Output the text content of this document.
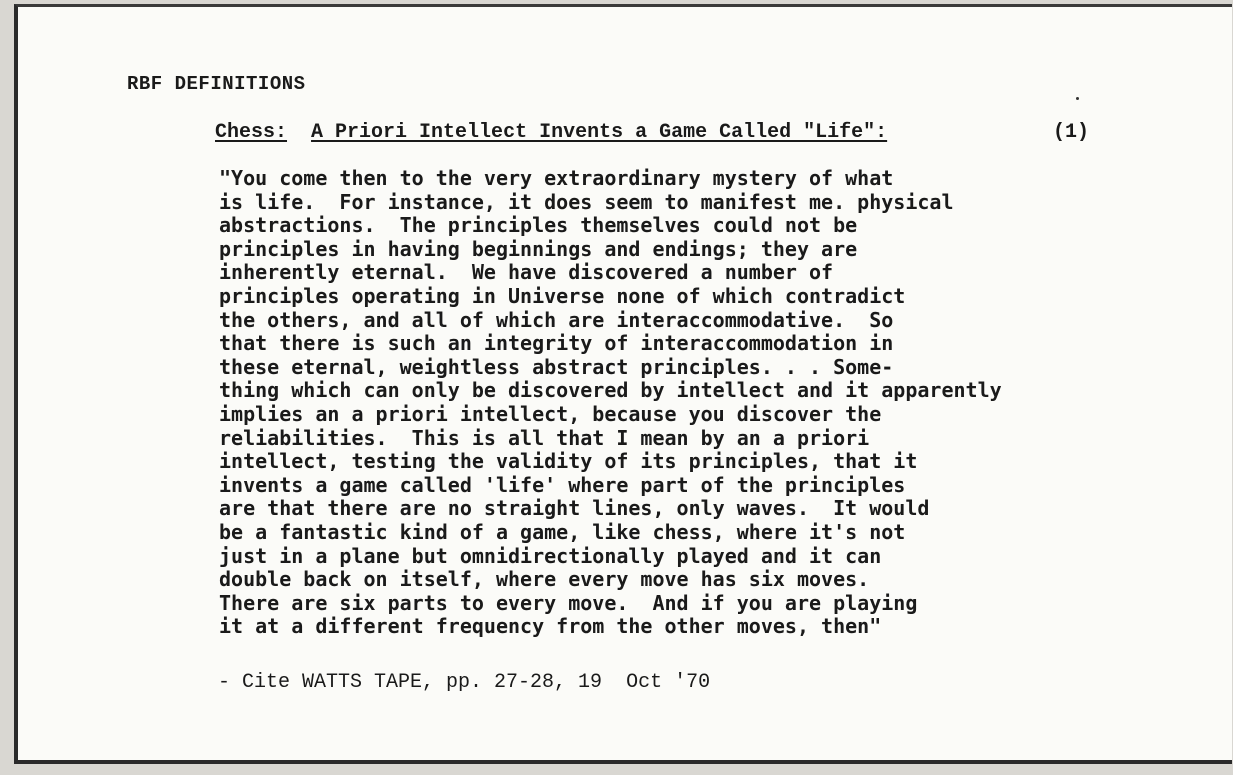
RBF DEFINITIONS
Chess: A Priori Intellect Invents a Game Called "Life":	(1)
"You come then to the very extraordinary mystery of what
is life.  For instance, it does seem to manifest me. physical
abstractions.  The principles themselves could not be
principles in having beginnings and endings; they are
inherently eternal.  We have discovered a number of
principles operating in Universe none of which contradict
the others, and all of which are interaccommodative.  So
that there is such an integrity of interaccommodation in
these eternal, weightless abstract principles. . . Some-
thing which can only be discovered by intellect and it apparently
implies an a priori intellect, because you discover the
reliabilities.  This is all that I mean by an a priori
intellect, testing the validity of its principles, that it
invents a game called 'life' where part of the principles
are that there are no straight lines, only waves.  It would
be a fantastic kind of a game, like chess, where it's not
just in a plane but omnidirectionally played and it can
double back on itself, where every move has six moves.
There are six parts to every move.  And if you are playing
it at a different frequency from the other moves, then"
- Cite WATTS TAPE, pp. 27-28, 19  Oct '70
